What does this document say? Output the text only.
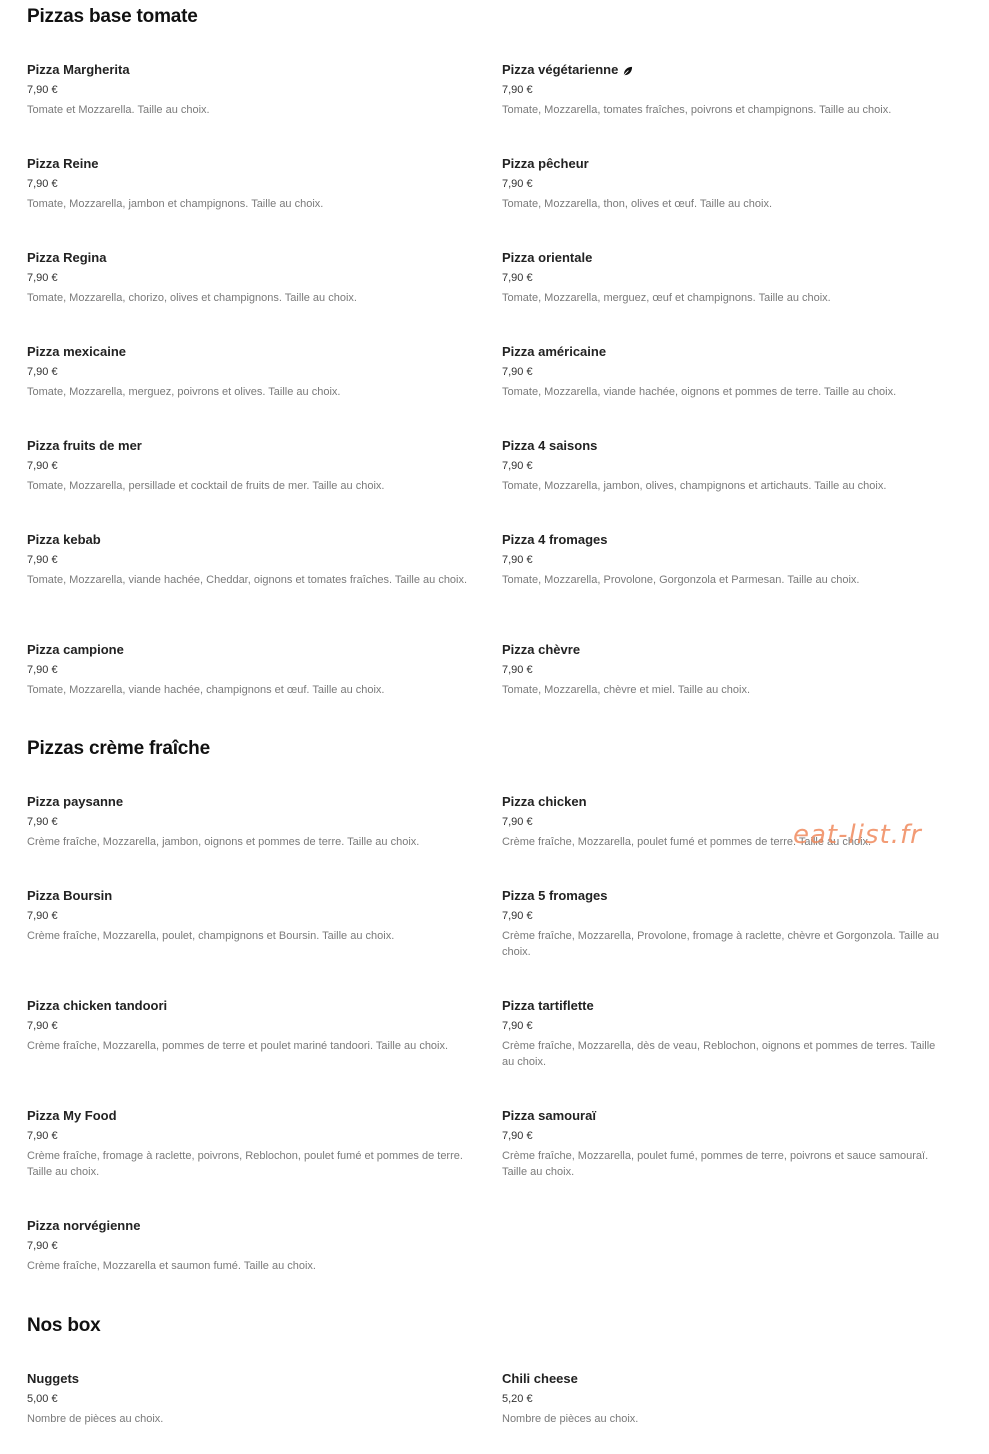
Pizzas base tomate
Pizza Margherita
7,90 €
Tomate et Mozzarella. Taille au choix.
Pizza végétarienne
7,90 €
Tomate, Mozzarella, tomates fraîches, poivrons et champignons. Taille au choix.
Pizza Reine
7,90 €
Tomate, Mozzarella, jambon et champignons. Taille au choix.
Pizza pêcheur
7,90 €
Tomate, Mozzarella, thon, olives et œuf. Taille au choix.
Pizza Regina
7,90 €
Tomate, Mozzarella, chorizo, olives et champignons. Taille au choix.
Pizza orientale
7,90 €
Tomate, Mozzarella, merguez, œuf et champignons. Taille au choix.
Pizza mexicaine
7,90 €
Tomate, Mozzarella, merguez, poivrons et olives. Taille au choix.
Pizza américaine
7,90 €
Tomate, Mozzarella, viande hachée, oignons et pommes de terre. Taille au choix.
Pizza fruits de mer
7,90 €
Tomate, Mozzarella, persillade et cocktail de fruits de mer. Taille au choix.
Pizza 4 saisons
7,90 €
Tomate, Mozzarella, jambon, olives, champignons et artichauts. Taille au choix.
Pizza kebab
7,90 €
Tomate, Mozzarella, viande hachée, Cheddar, oignons et tomates fraîches. Taille au choix.
Pizza 4 fromages
7,90 €
Tomate, Mozzarella, Provolone, Gorgonzola et Parmesan. Taille au choix.
Pizza campione
7,90 €
Tomate, Mozzarella, viande hachée, champignons et œuf. Taille au choix.
Pizza chèvre
7,90 €
Tomate, Mozzarella, chèvre et miel. Taille au choix.
Pizzas crème fraîche
Pizza paysanne
7,90 €
Crème fraîche, Mozzarella, jambon, oignons et pommes de terre. Taille au choix.
Pizza chicken
7,90 €
Crème fraîche, Mozzarella, poulet fumé et pommes de terre. Taille au choix.
Pizza Boursin
7,90 €
Crème fraîche, Mozzarella, poulet, champignons et Boursin. Taille au choix.
Pizza 5 fromages
7,90 €
Crème fraîche, Mozzarella, Provolone, fromage à raclette, chèvre et Gorgonzola. Taille au choix.
Pizza chicken tandoori
7,90 €
Crème fraîche, Mozzarella, pommes de terre et poulet mariné tandoori. Taille au choix.
Pizza tartiflette
7,90 €
Crème fraîche, Mozzarella, dès de veau, Reblochon, oignons et pommes de terres. Taille au choix.
Pizza My Food
7,90 €
Crème fraîche, fromage à raclette, poivrons, Reblochon, poulet fumé et pommes de terre. Taille au choix.
Pizza samouraï
7,90 €
Crème fraîche, Mozzarella, poulet fumé, pommes de terre, poivrons et sauce samouraï. Taille au choix.
Pizza norvégienne
7,90 €
Crème fraîche, Mozzarella et saumon fumé. Taille au choix.
Nos box
Nuggets
5,00 €
Nombre de pièces au choix.
Chili cheese
5,20 €
Nombre de pièces au choix.
eat-list.fr
